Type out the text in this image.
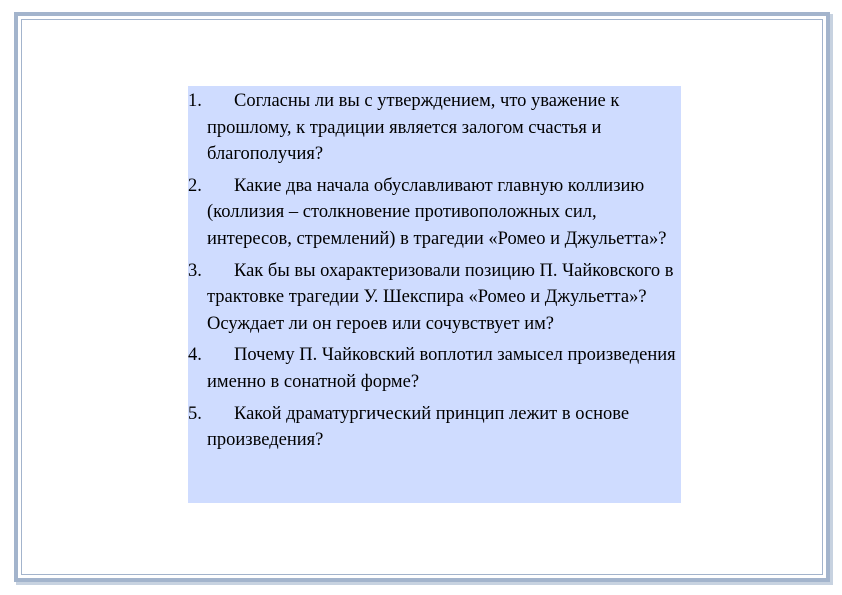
1.	Согласны ли вы с утверждением, что уважение к прошлому, к традиции является залогом счастья и благополучия?
2.	Какие два начала обуславливают главную коллизию (коллизия – столкновение противоположных сил, интересов, стремлений) в трагедии «Ромео и Джульетта»?
3.	Как бы вы охарактеризовали позицию П. Чайковского в трактовке трагедии У. Шекспира «Ромео и Джульетта»? Осуждает ли он героев или сочувствует им?
4.	Почему П. Чайковский воплотил замысел произведения именно в сонатной форме?
5.	Какой драматургический принцип лежит в основе произведения?
